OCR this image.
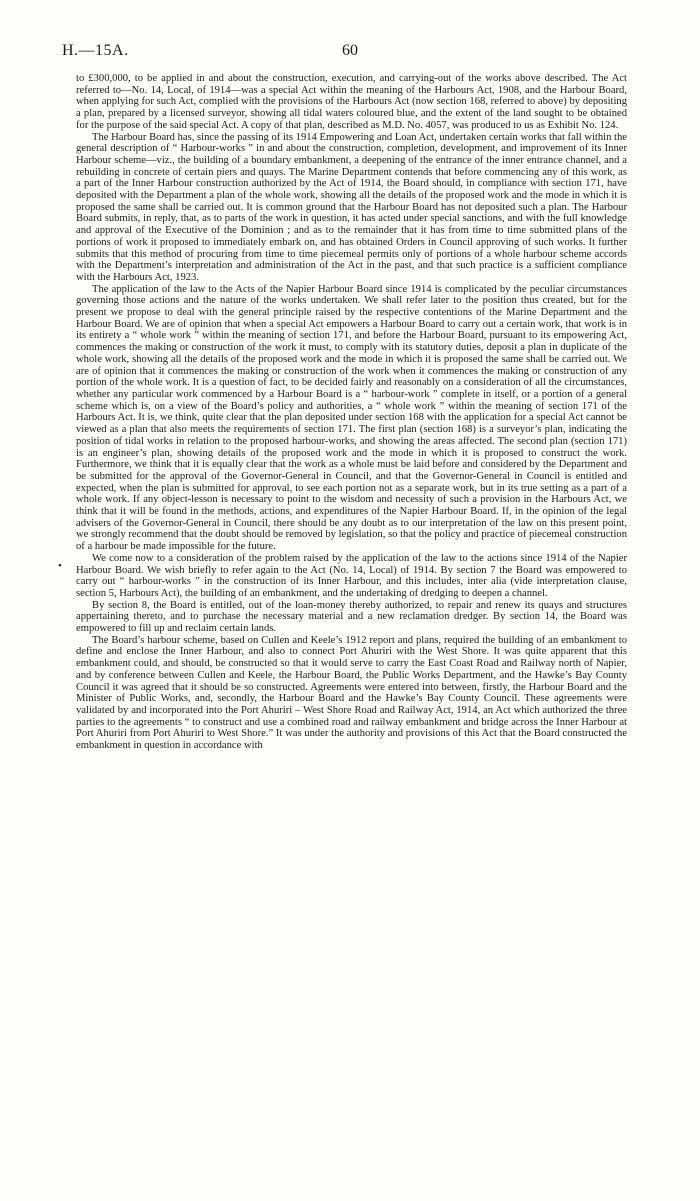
H.—15A.	60
•

to £300,000, to be applied in and about the construction, execution, and carrying-out of the works above described. The Act referred to—No. 14, Local, of 1914—was a special Act within the meaning of the Harbours Act, 1908, and the Harbour Board, when applying for such Act, complied with the provisions of the Harbours Act (now section 168, referred to above) by depositing a plan, prepared by a licensed surveyor, showing all tidal waters coloured blue, and the extent of the land sought to be obtained for the purpose of the said special Act. A copy of that plan, described as M.D. No. 4057, was produced to us as Exhibit No. 124.

The Harbour Board has, since the passing of its 1914 Empowering and Loan Act, undertaken certain works that fall within the general description of “ Harbour-works ” in and about the construction, completion, development, and improvement of its Inner Harbour scheme—viz., the building of a boundary embankment, a deepening of the entrance of the inner entrance channel, and a rebuilding in concrete of certain piers and quays. The Marine Department contends that before commencing any of this work, as a part of the Inner Harbour construction authorized by the Act of 1914, the Board should, in compliance with section 171, have deposited with the Department a plan of the whole work, showing all the details of the proposed work and the mode in which it is proposed the same shall be carried out. It is common ground that the Harbour Board has not deposited such a plan. The Harbour Board submits, in reply, that, as to parts of the work in question, it has acted under special sanctions, and with the full knowledge and approval of the Executive of the Dominion ; and as to the remainder that it has from time to time submitted plans of the portions of work it proposed to immediately embark on, and has obtained Orders in Council approving of such works. It further submits that this method of procuring from time to time piecemeal permits only of portions of a whole harbour scheme accords with the Department’s interpretation and administration of the Act in the past, and that such practice is a sufficient compliance with the Harbours Act, 1923.

The application of the law to the Acts of the Napier Harbour Board since 1914 is complicated by the peculiar circumstances governing those actions and the nature of the works undertaken. We shall refer later to the position thus created, but for the present we propose to deal with the general principle raised by the respective contentions of the Marine Department and the Harbour Board. We are of opinion that when a special Act empowers a Harbour Board to carry out a certain work, that work is in its entirety a “ whole work ” within the meaning of section 171, and before the Harbour Board, pursuant to its empowering Act, commences the making or construction of the work it must, to comply with its statutory duties, deposit a plan in duplicate of the whole work, showing all the details of the proposed work and the mode in which it is proposed the same shall be carried out. We are of opinion that it commences the making or construction of the work when it commences the making or construction of any portion of the whole work. It is a question of fact, to be decided fairly and reasonably on a consideration of all the circumstances, whether any particular work commenced by a Harbour Board is a “ harbour-work ” complete in itself, or a portion of a general scheme which is, on a view of the Board’s policy and authorities, a “ whole work ” within the meaning of section 171 of the Harbours Act. It is, we think, quite clear that the plan deposited under section 168 with the application for a special Act cannot be viewed as a plan that also meets the requirements of section 171. The first plan (section 168) is a surveyor’s plan, indicating the position of tidal works in relation to the proposed harbour-works, and showing the areas affected. The second plan (section 171) is an engineer’s plan, showing details of the proposed work and the mode in which it is proposed to construct the work. Furthermore, we think that it is equally clear that the work as a whole must be laid before and considered by the Department and be submitted for the approval of the Governor-General in Council, and that the Governor-General in Council is entitled and expected, when the plan is submitted for approval, to see each portion not as a separate work, but in its true setting as a part of a whole work. If any object-lesson is necessary to point to the wisdom and necessity of such a provision in the Harbours Act, we think that it will be found in the methods, actions, and expenditures of the Napier Harbour Board. If, in the opinion of the legal advisers of the Governor-General in Council, there should be any doubt as to our interpretation of the law on this present point, we strongly recommend that the doubt should be removed by legislation, so that the policy and practice of piecemeal construction of a harbour be made impossible for the future.

We come now to a consideration of the problem raised by the application of the law to the actions since 1914 of the Napier Harbour Board. We wish briefly to refer again to the Act (No. 14, Local) of 1914. By section 7 the Board was empowered to carry out “ harbour-works ” in the construction of its Inner Harbour, and this includes, inter alia (vide interpretation clause, section 5, Harbours Act), the building of an embankment, and the undertaking of dredging to deepen a channel.

By section 8, the Board is entitled, out of the loan-money thereby authorized, to repair and renew its quays and structures appertaining thereto, and to purchase the necessary material and a new reclamation dredger. By section 14, the Board was empowered to fill up and reclaim certain lands.

The Board’s harbour scheme, based on Cullen and Keele’s 1912 report and plans, required the building of an embankment to define and enclose the Inner Harbour, and also to connect Port Ahuriri with the West Shore. It was quite apparent that this embankment could, and should, be constructed so that it would serve to carry the East Coast Road and Railway north of Napier, and by conference between Cullen and Keele, the Harbour Board, the Public Works Department, and the Hawke’s Bay County Council it was agreed that it should be so constructed. Agreements were entered into between, firstly, the Harbour Board and the Minister of Public Works, and, secondly, the Harbour Board and the Hawke’s Bay County Council. These agreements were validated by and incorporated into the Port Ahuriri – West Shore Road and Railway Act, 1914, an Act which authorized the three parties to the agreements “ to construct and use a combined road and railway embankment and bridge across the Inner Harbour at Port Ahuriri from Port Ahuriri to West Shore.” It was under the authority and provisions of this Act that the Board constructed the embankment in question in accordance with
